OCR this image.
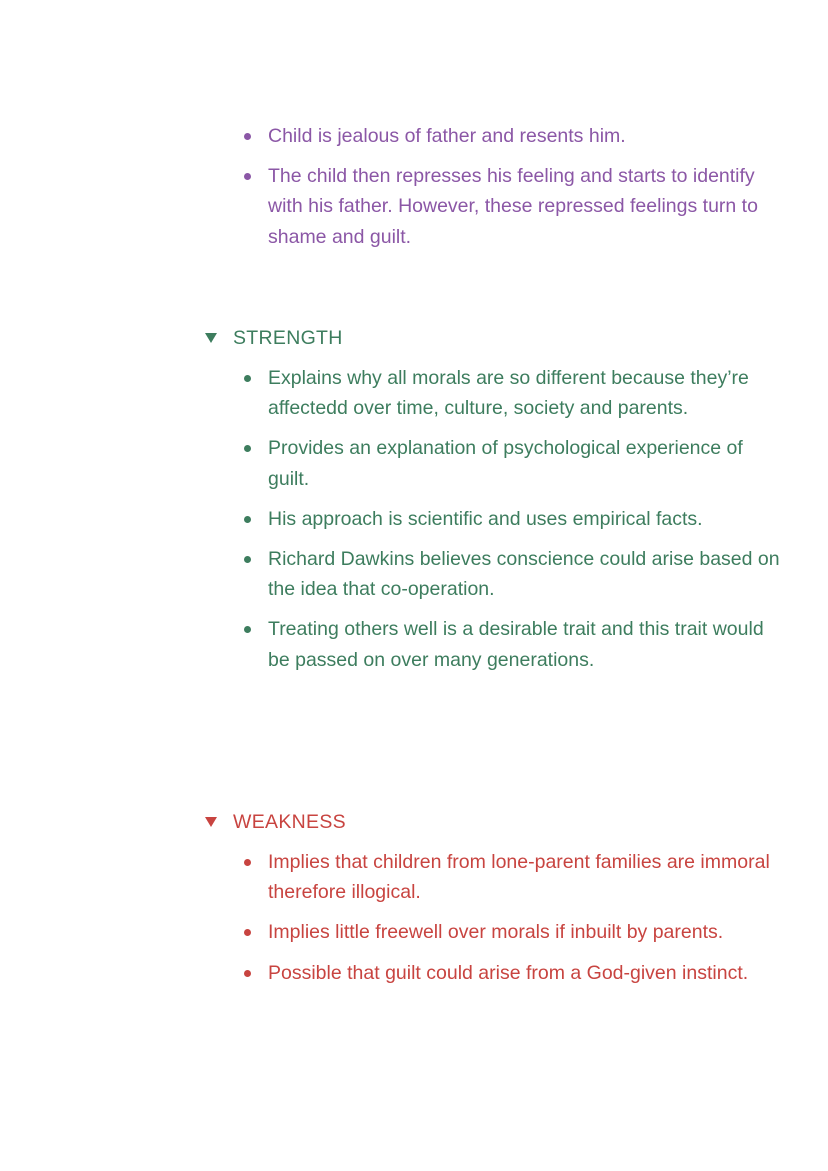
Child is jealous of father and resents him.
The child then represses his feeling and starts to identify with his father. However, these repressed feelings turn to shame and guilt.
STRENGTH
Explains why all morals are so different because they’re affectedd over time, culture, society and parents.
Provides an explanation of psychological experience of guilt.
His approach is scientific and uses empirical facts.
Richard Dawkins believes conscience could arise based on the idea that co-operation.
Treating others well is a desirable trait and this trait would be passed on over many generations.
WEAKNESS
Implies that children from lone-parent families are immoral therefore illogical.
Implies little freewell over morals if inbuilt by parents.
Possible that guilt could arise from a God-given instinct.
